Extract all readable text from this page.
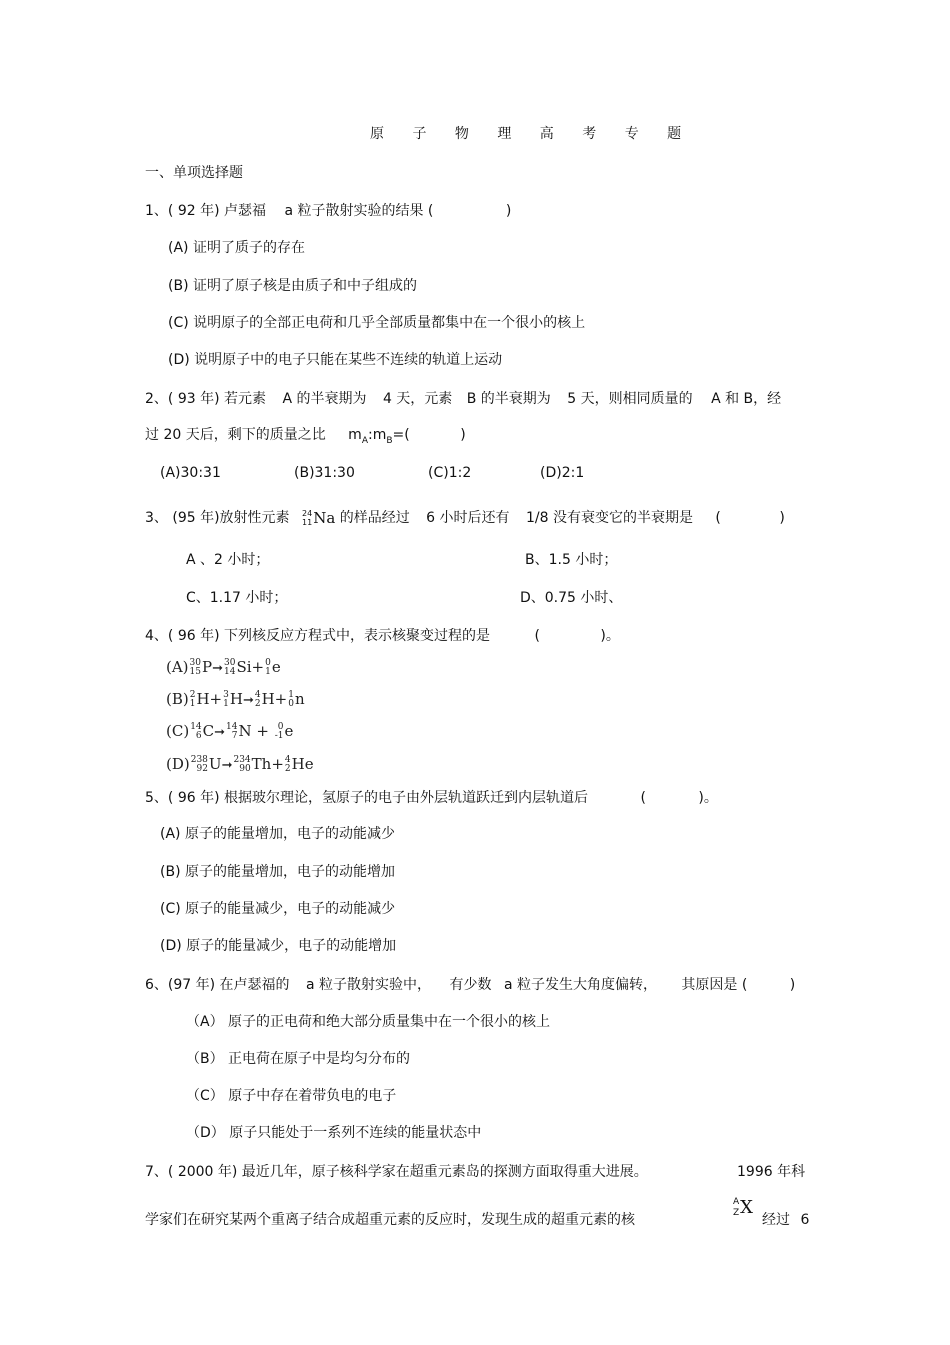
原 子 物 理 高 考 专 题
一、单项选择题
1、( 92 年) 卢瑟福 a 粒子散射实验的结果 (	)
(A) 证明了质子的存在
(B) 证明了原子核是由质子和中子组成的
(C) 说明原子的全部正电荷和几乎全部质量都集中在一个很小的核上
(D) 说明原子中的电子只能在某些不连续的轨道上运动
2、( 93 年) 若元素 A 的半衰期为 4 天，元素 B 的半衰期为 5 天，则相同质量的 A 和 B，经
过 20 天后，剩下的质量之比 $m_A:m_B=$(	)
(A)30:31	(B)31:30	(C)1:2	(D)2:1
3、 (95 年)放射性元素 24
11 Na 的样品经过 6 小时后还有 1/8 没有衰变它的半衰期是 (	)
A 、2 小时；	B、1.5 小时；
C、1.17 小时；	D、0.75 小时、
4、( 96 年) 下列核反应方程式中，表示核聚变过程的是	(	)。
(A) 30
15 P➞ 30
14 Si+ 0
1 e
(B) 2
1 H+ 3
1 H➞ 4
2 H+ 1
0 n
(C) 14
6 C➞ 14
7 N + 0
-1 e
(D) 238
92 U➞ 234
90 Th+ 4
2 He
5、( 96 年) 根据玻尔理论，氢原子的电子由外层轨道跃迁到内层轨道后	(	)。
(A) 原子的能量增加，电子的动能减少
(B) 原子的能量增加，电子的动能增加
(C) 原子的能量减少，电子的动能减少
(D) 原子的能量减少，电子的动能增加
6、(97 年) 在卢瑟福的 a 粒子散射实验中， 有少数 a 粒子发生大角度偏转， 其原因是 (	)
（A） 原子的正电荷和绝大部分质量集中在一个很小的核上
（B） 正电荷在原子中是均匀分布的
（C） 原子中存在着带负电的电子
（D） 原子只能处于一系列不连续的能量状态中
7、( 2000 年) 最近几年，原子核科学家在超重元素岛的探测方面取得重大进展。	1996 年科
学家们在研究某两个重离子结合成超重元素的反应时，发现生成的超重元素的核
A
Z X
经过 6
